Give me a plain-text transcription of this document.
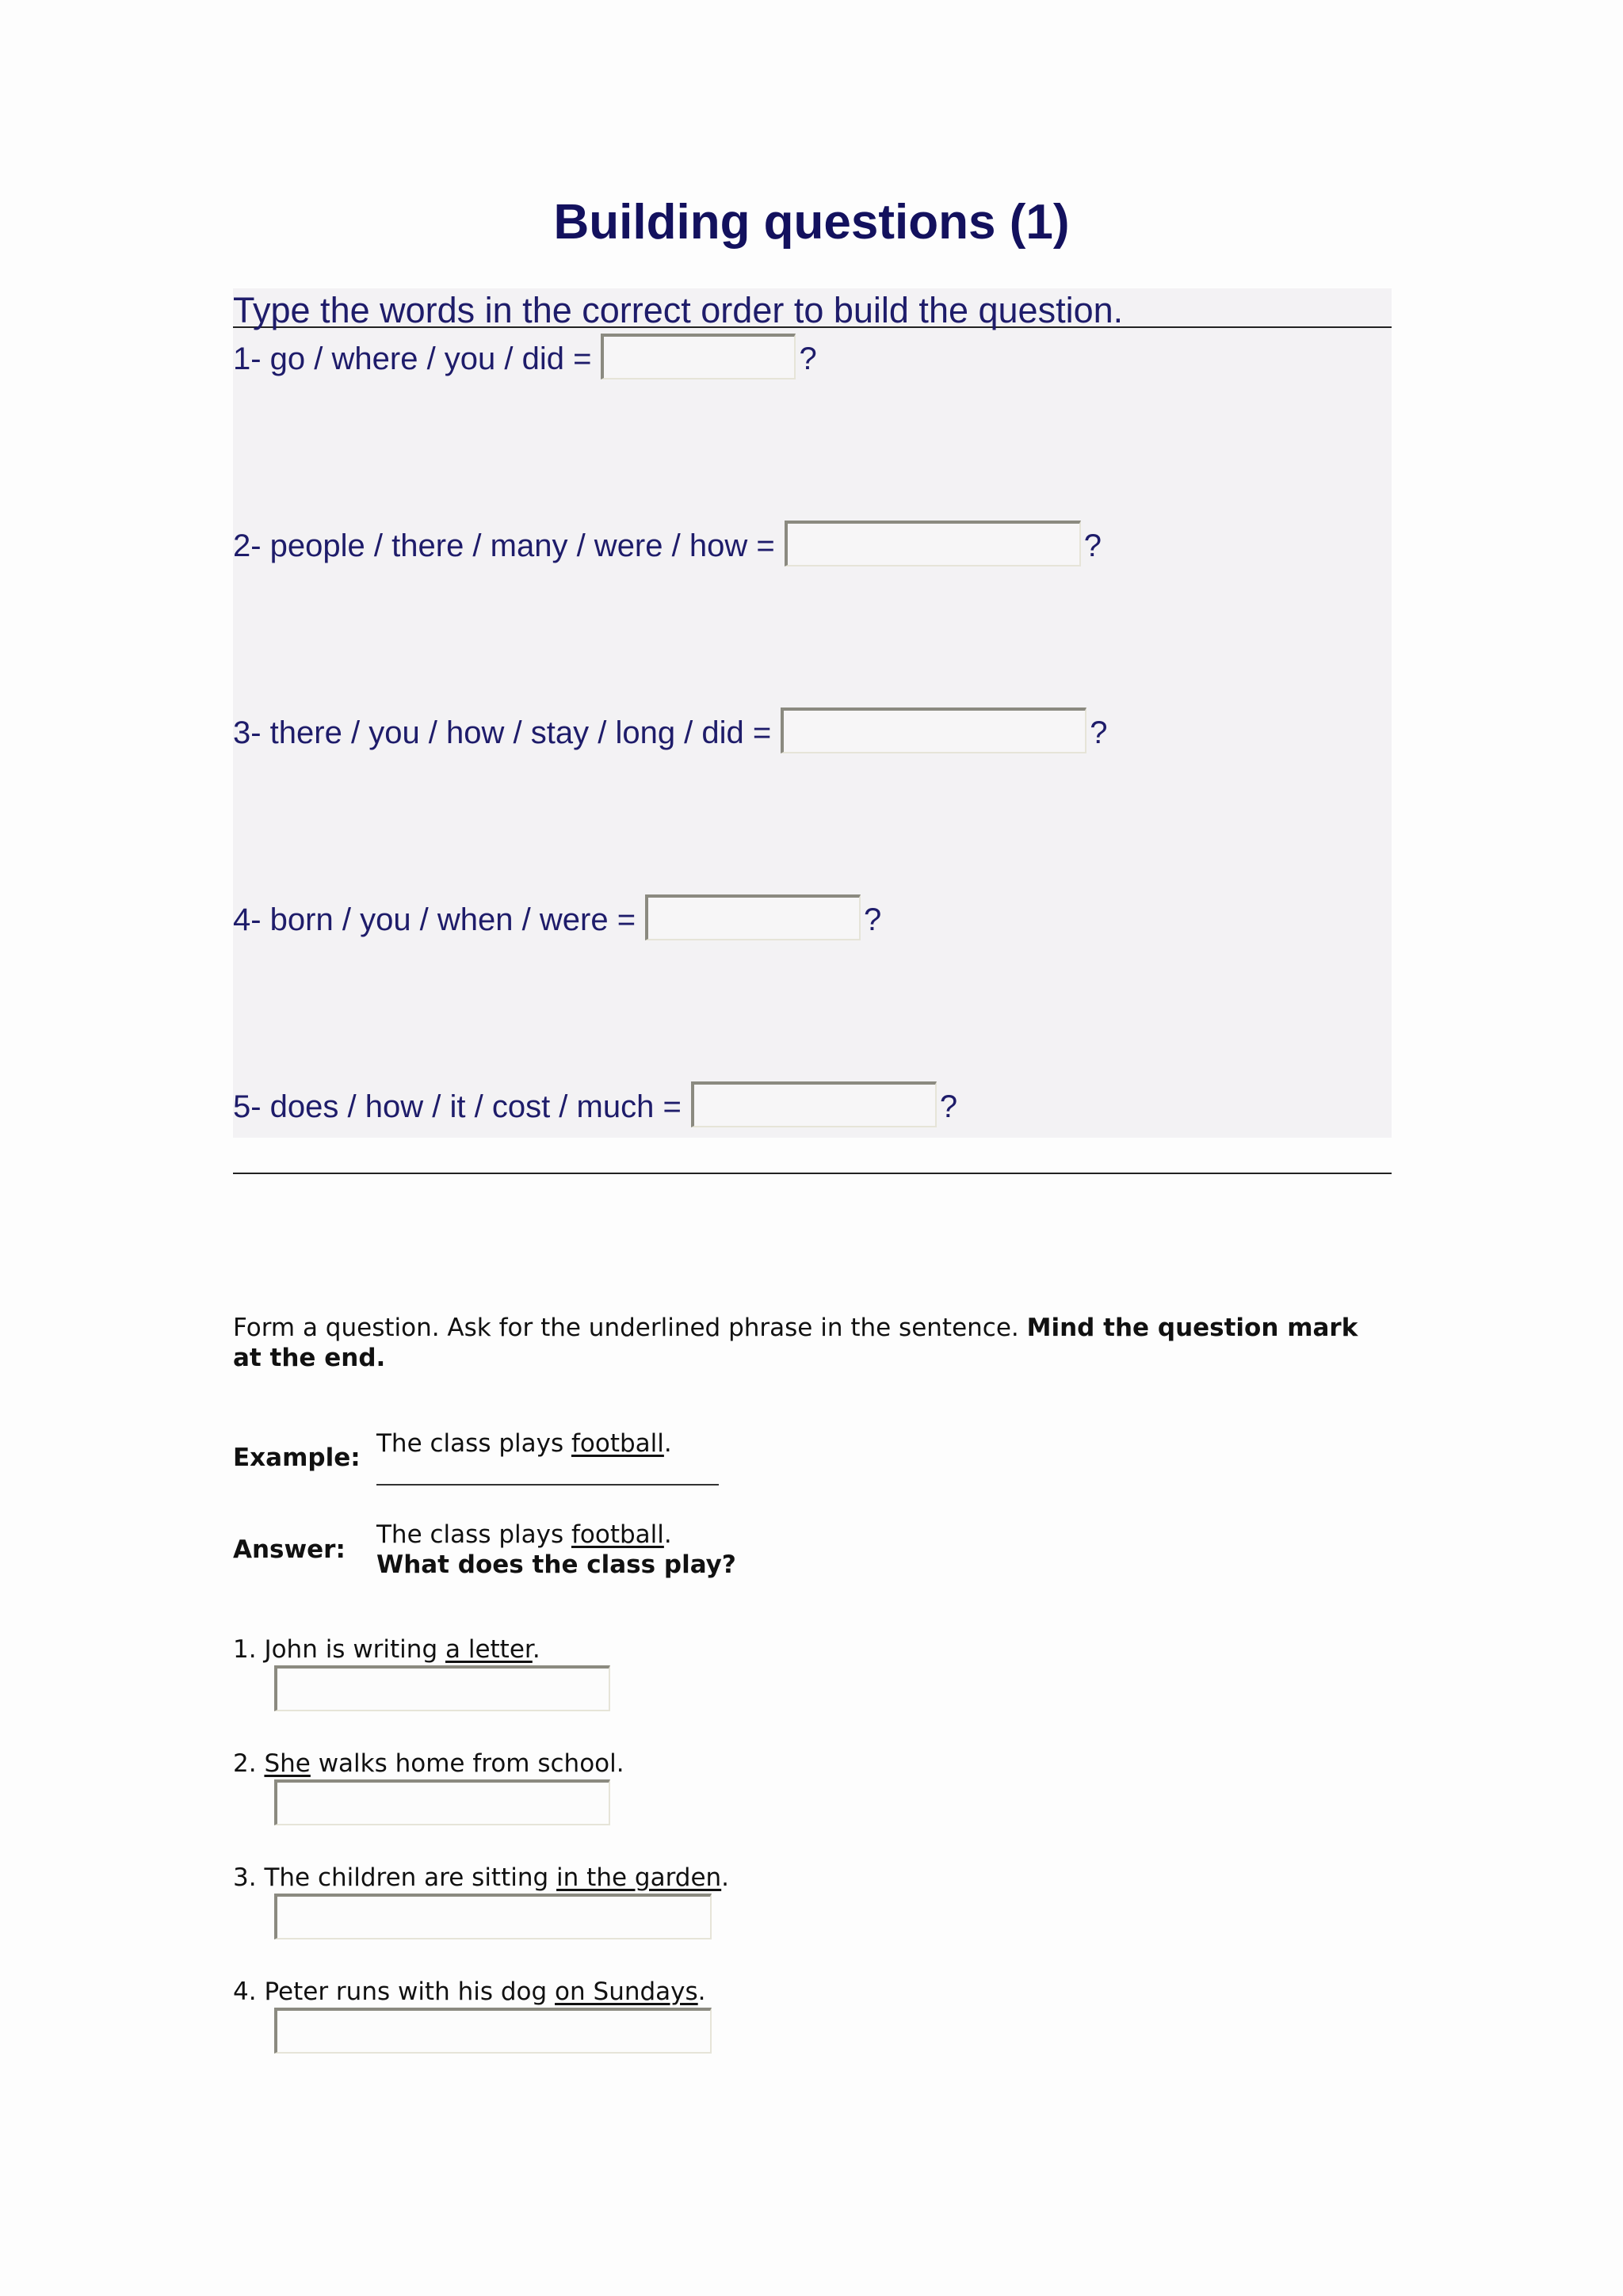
Building questions (1)
Type the words in the correct order to build the question.
1- go / where / you / did =	?
2- people / there / many / were / how =	?
3- there / you / how / stay / long / did =	?
4- born / you / when / were =	?
5- does / how / it / cost / much =	?
Form a question. Ask for the underlined phrase in the sentence. Mind the question mark at the end.
Example: The class plays football.
Answer:
The class plays football.
What does the class play?
1. John is writing a letter.
2. She walks home from school.
3. The children are sitting in the garden.
4. Peter runs with his dog on Sundays.
